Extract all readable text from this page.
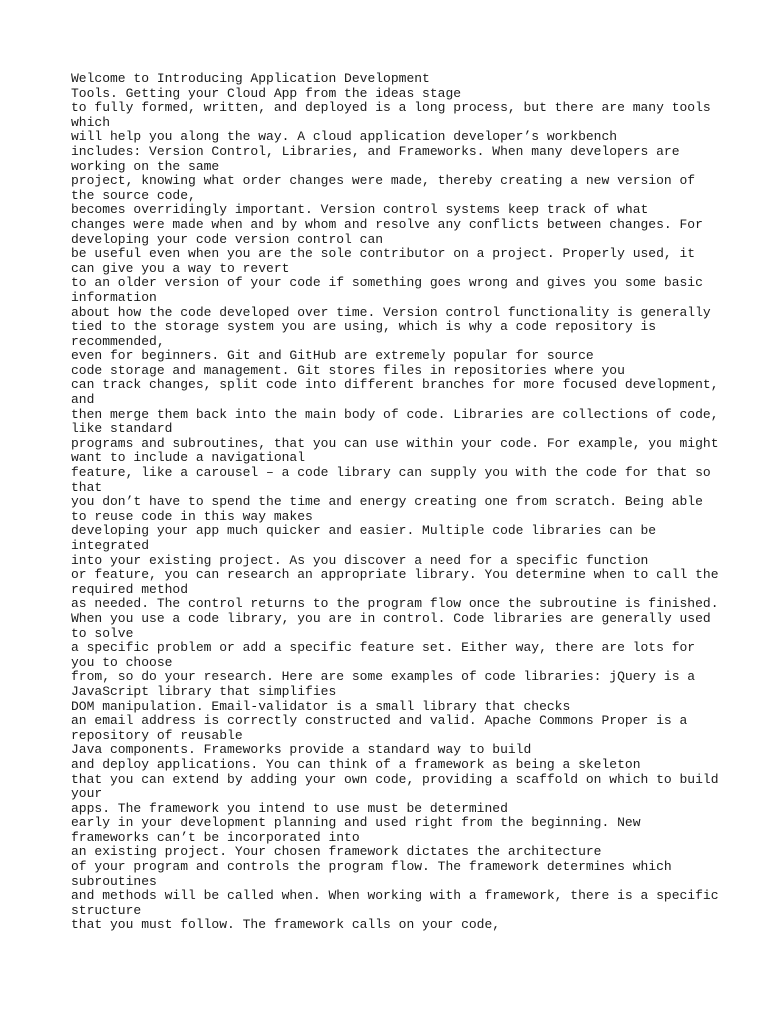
Welcome to Introducing Application Development
Tools. Getting your Cloud App from the ideas stage
to fully formed, written, and deployed is a long process, but there are many tools
which
will help you along the way. A cloud application developer’s workbench
includes: Version Control, Libraries, and Frameworks. When many developers are
working on the same
project, knowing what order changes were made, thereby creating a new version of
the source code,
becomes overridingly important. Version control systems keep track of what
changes were made when and by whom and resolve any conflicts between changes. For
developing your code version control can
be useful even when you are the sole contributor on a project. Properly used, it
can give you a way to revert
to an older version of your code if something goes wrong and gives you some basic
information
about how the code developed over time. Version control functionality is generally
tied to the storage system you are using, which is why a code repository is
recommended,
even for beginners. Git and GitHub are extremely popular for source
code storage and management. Git stores files in repositories where you
can track changes, split code into different branches for more focused development,
and
then merge them back into the main body of code. Libraries are collections of code,
like standard
programs and subroutines, that you can use within your code. For example, you might
want to include a navigational
feature, like a carousel – a code library can supply you with the code for that so
that
you don’t have to spend the time and energy creating one from scratch. Being able
to reuse code in this way makes
developing your app much quicker and easier. Multiple code libraries can be
integrated
into your existing project. As you discover a need for a specific function
or feature, you can research an appropriate library. You determine when to call the
required method
as needed. The control returns to the program flow once the subroutine is finished.
When you use a code library, you are in control. Code libraries are generally used
to solve
a specific problem or add a specific feature set. Either way, there are lots for
you to choose
from, so do your research. Here are some examples of code libraries: jQuery is a
JavaScript library that simplifies
DOM manipulation. Email-validator is a small library that checks
an email address is correctly constructed and valid. Apache Commons Proper is a
repository of reusable
Java components. Frameworks provide a standard way to build
and deploy applications. You can think of a framework as being a skeleton
that you can extend by adding your own code, providing a scaffold on which to build
your
apps. The framework you intend to use must be determined
early in your development planning and used right from the beginning. New
frameworks can’t be incorporated into
an existing project. Your chosen framework dictates the architecture
of your program and controls the program flow. The framework determines which
subroutines
and methods will be called when. When working with a framework, there is a specific
structure
that you must follow. The framework calls on your code,
